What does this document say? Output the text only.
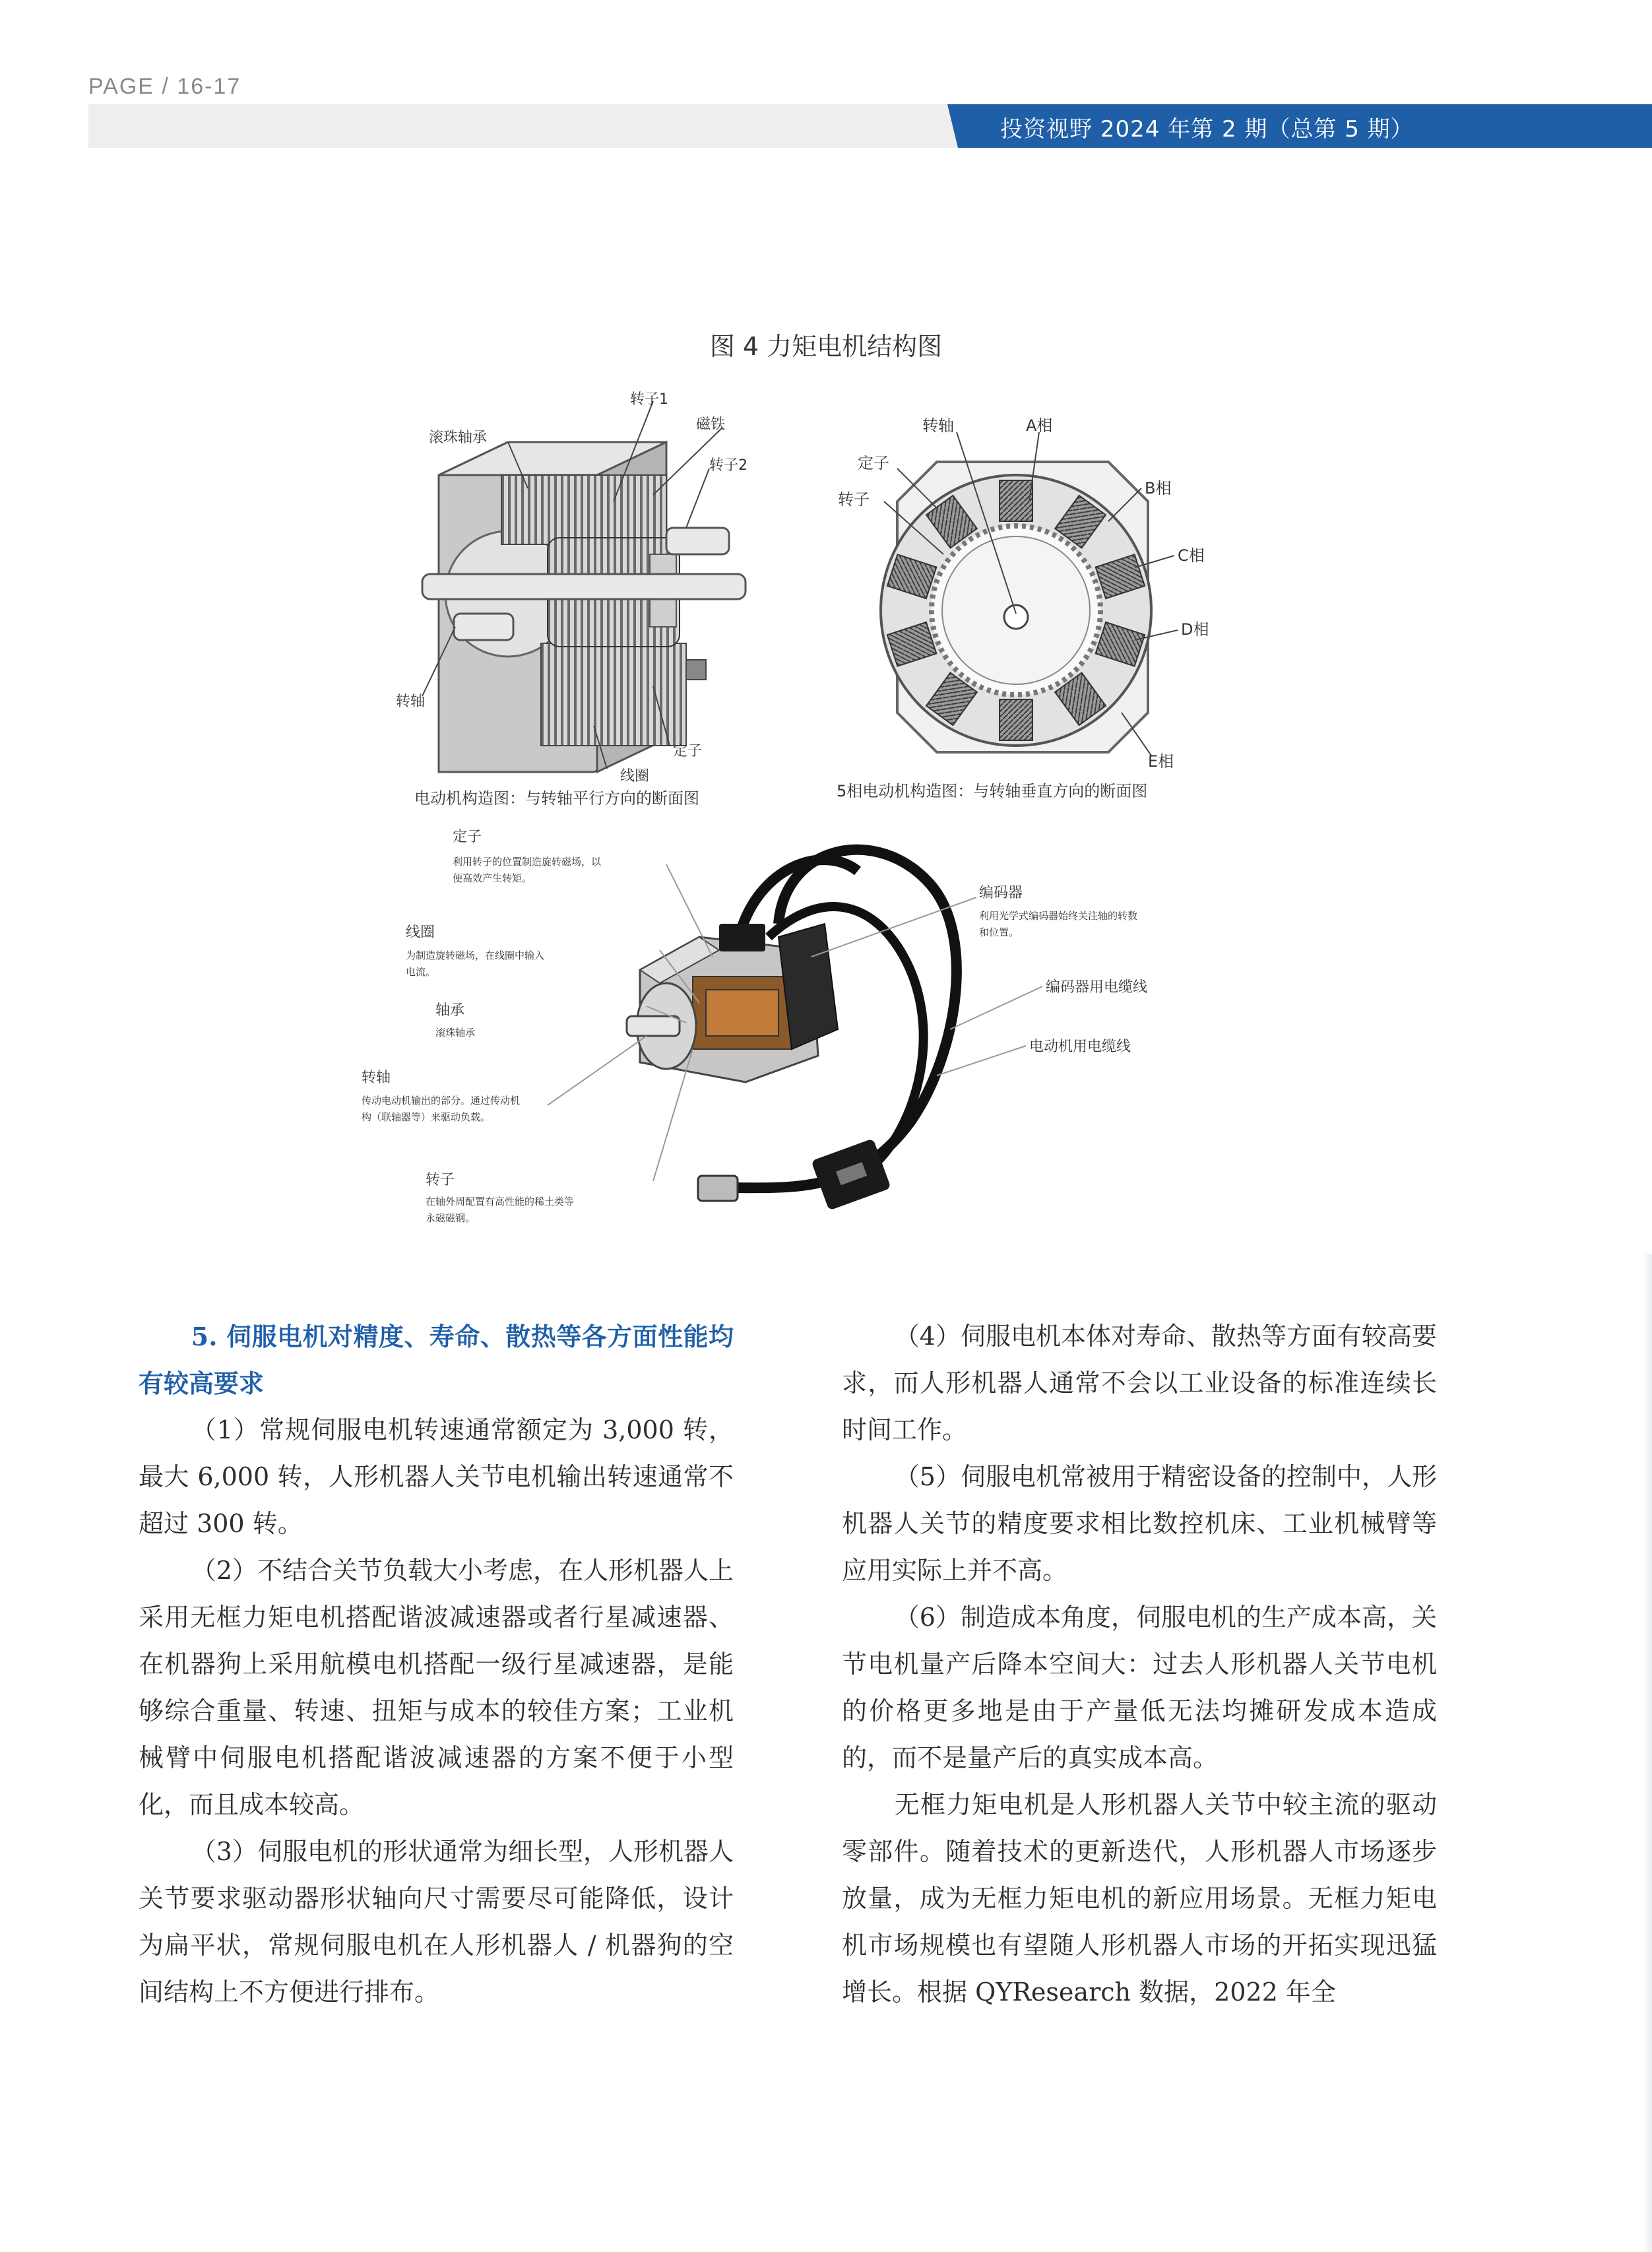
PAGE / 16-17
投资视野 2024 年第 2 期（总第 5 期）
图 4 力矩电机结构图
转子1
滚珠轴承
磁铁
转子2
转轴
定子
线圈
电动机构造图：与转轴平行方向的断面图
转轴	A相
定子
转子
B相
C相
D相
E相
5相电动机构造图：与转轴垂直方向的断面图
定子
利用转子的位置制造旋转磁场，以
便高效产生转矩。
线圈
为制造旋转磁场，在线圈中输入
电流。
轴承
滚珠轴承
转轴
传动电动机输出的部分。通过传动机
构（联轴器等）来驱动负载。
转子
在轴外周配置有高性能的稀土类等
永磁磁钢。
编码器
利用光学式编码器始终关注轴的转数
和位置。
编码器用电缆线
电动机用电缆线

5. 伺服电机对精度、寿命、散热等各方面性能均有较高要求

（1）常规伺服电机转速通常额定为 3,000 转，最大 6,000 转，人形机器人关节电机输出转速通常不超过 300 转。

（2）不结合关节负载大小考虑，在人形机器人上采用无框力矩电机搭配谐波减速器或者行星减速器、在机器狗上采用航模电机搭配一级行星减速器，是能够综合重量、转速、扭矩与成本的较佳方案；工业机械臂中伺服电机搭配谐波减速器的方案不便于小型化，而且成本较高。

（3）伺服电机的形状通常为细长型，人形机器人关节要求驱动器形状轴向尺寸需要尽可能降低，设计为扁平状，常规伺服电机在人形机器人 / 机器狗的空间结构上不方便进行排布。

（4）伺服电机本体对寿命、散热等方面有较高要求，而人形机器人通常不会以工业设备的标准连续长时间工作。

（5）伺服电机常被用于精密设备的控制中，人形机器人关节的精度要求相比数控机床、工业机械臂等应用实际上并不高。

（6）制造成本角度，伺服电机的生产成本高，关节电机量产后降本空间大：过去人形机器人关节电机的价格更多地是由于产量低无法均摊研发成本造成的，而不是量产后的真实成本高。

无框力矩电机是人形机器人关节中较主流的驱动零部件。随着技术的更新迭代，人形机器人市场逐步放量，成为无框力矩电机的新应用场景。无框力矩电机市场规模也有望随人形机器人市场的开拓实现迅猛增长。根据 QYResearch 数据，2022 年全
